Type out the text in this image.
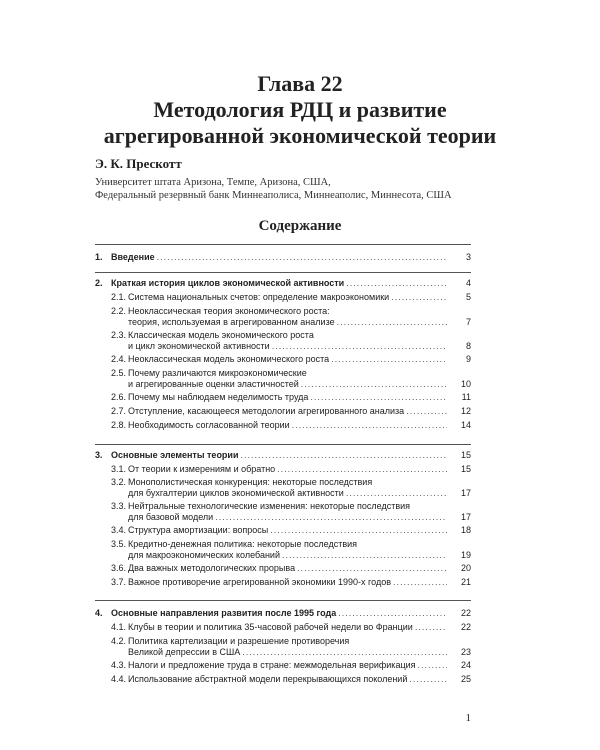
Глава 22
Методология РДЦ и развитие
агрегированной экономической теории
Э. К. Прескотт
Университет штата Аризона, Темпе, Аризона, США,
Федеральный резервный банк Миннеаполиса, Миннеаполис, Миннесота, США
Содержание
1. Введение .....	3
2. Краткая история циклов экономической активности .....	4
2.1. Система национальных счетов: определение макроэкономики .....	5
2.2. Неоклассическая теория экономического роста:
теория, используемая в агрегированном анализе .....	7
2.3. Классическая модель экономического роста
и цикл экономической активности .....	8
2.4. Неоклассическая модель экономического роста .....	9
2.5. Почему различаются микроэкономические
и агрегированные оценки эластичностей .....	10
2.6. Почему мы наблюдаем неделимость труда .....	11
2.7. Отступление, касающееся методологии агрегированного анализа .....	12
2.8. Необходимость согласованной теории .....	14
3. Основные элементы теории .....	15
3.1. От теории к измерениям и обратно .....	15
3.2. Монополистическая конкуренция: некоторые последствия
для бухгалтерии циклов экономической активности .....	17
3.3. Нейтральные технологические изменения: некоторые последствия
для базовой модели .....	17
3.4. Структура амортизации: вопросы .....	18
3.5. Кредитно-денежная политика: некоторые последствия
для макроэкономических колебаний .....	19
3.6. Два важных методологических прорыва .....	20
3.7. Важное противоречие агрегированной экономики 1990-х годов .....	21
4. Основные направления развития после 1995 года .....	22
4.1. Клубы в теории и политика 35-часовой рабочей недели во Франции .....	22
4.2. Политика картелизации и разрешение противоречия
Великой депрессии в США .....	23
4.3. Налоги и предложение труда в стране: межмодельная верификация .....	24
4.4. Использование абстрактной модели перекрывающихся поколений .....	25
1
